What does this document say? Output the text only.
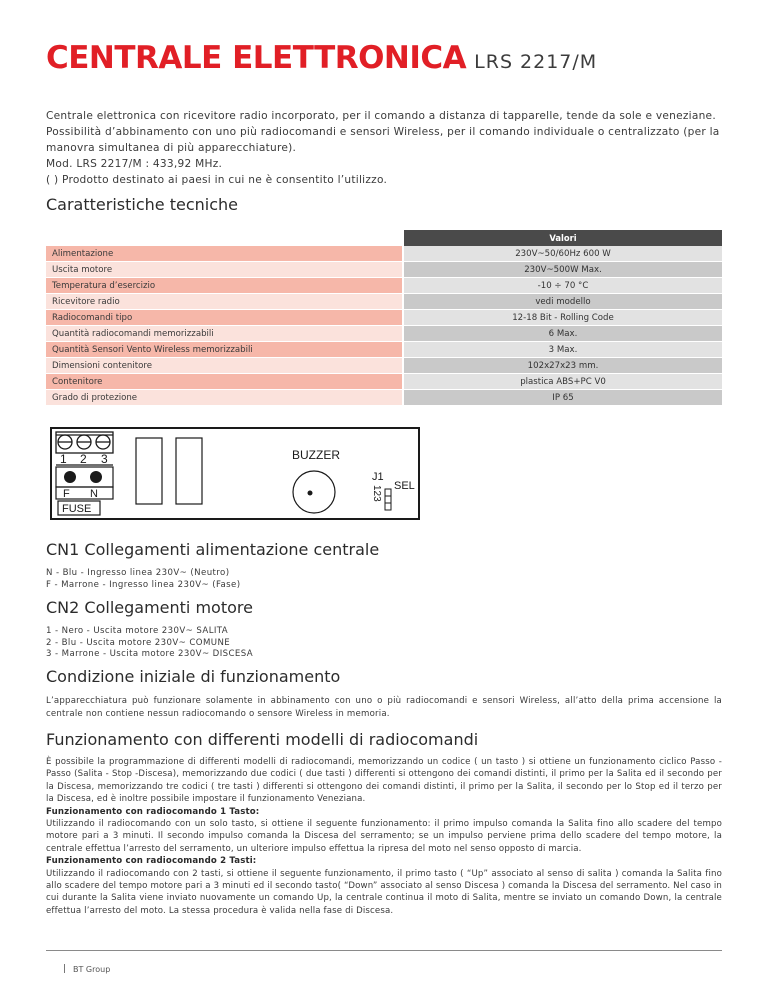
CENTRALE ELETTRONICA LRS 2217/M

Centrale elettronica con ricevitore radio incorporato, per il comando a distanza di tapparelle, tende da sole e veneziane. Possibilità d’abbinamento con uno più radiocomandi e sensori Wireless, per il comando individuale o centralizzato (per la manovra simultanea di più apparecchiature).

Mod. LRS 2217/M : 433,92 MHz.

( ) Prodotto destinato ai paesi in cui ne è consentito l’utilizzo.

Caratteristiche tecniche
		Valori
Alimentazione		230V~50/60Hz 600 W
Uscita motore		230V~500W Max.
Temperatura d’esercizio		-10 ÷ 70 °C
Ricevitore radio		vedi modello
Radiocomandi tipo		12-18 Bit - Rolling Code
Quantità radiocomandi memorizzabili		6 Max.
Quantità Sensori Vento Wireless memorizzabili		3 Max.
Dimensioni contenitore		102x27x23 mm.
Contenitore		plastica ABS+PC V0
Grado di protezione		IP 65
1 2 3
F N
FUSE
BUZZER
J1
123 SEL
CN1 Collegamenti alimentazione centrale
N - Blu - Ingresso linea 230V~ (Neutro)
F - Marrone - Ingresso linea 230V~ (Fase)
CN2 Collegamenti motore
1 - Nero - Uscita motore 230V~ SALITA
2 - Blu - Uscita motore 230V~ COMUNE
3 - Marrone - Uscita motore 230V~ DISCESA
Condizione iniziale di funzionamento
L’apparecchiatura può funzionare solamente in abbinamento con uno o più radiocomandi e sensori Wireless, all’atto della prima accensione la centrale non contiene nessun radiocomando o sensore Wireless in memoria.
Funzionamento con differenti modelli di radiocomandi

È possibile la programmazione di differenti modelli di radiocomandi, memorizzando un codice ( un tasto ) si ottiene un funzionamento ciclico Passo - Passo (Salita - Stop -Discesa), memorizzando due codici ( due tasti ) differenti si ottengono dei comandi distinti, il primo per la Salita ed il secondo per la Discesa, memorizzando tre codici ( tre tasti ) differenti si ottengono dei comandi distinti, il primo per la Salita, il secondo per lo Stop ed il terzo per la Discesa, ed è inoltre possibile impostare il funzionamento Veneziana.

Funzionamento con radiocomando 1 Tasto:

Utilizzando il radiocomando con un solo tasto, si ottiene il seguente funzionamento: il primo impulso comanda la Salita fino allo scadere del tempo motore pari a 3 minuti. Il secondo impulso comanda la Discesa del serramento; se un impulso perviene prima dello scadere del tempo motore, la centrale effettua l’arresto del serramento, un ulteriore impulso effettua la ripresa del moto nel senso opposto di marcia.

Funzionamento con radiocomando 2 Tasti:

Utilizzando il radiocomando con 2 tasti, si ottiene il seguente funzionamento, il primo tasto ( “Up” associato al senso di salita ) comanda la Salita fino allo scadere del tempo motore pari a 3 minuti ed il secondo tasto( “Down” associato al senso Discesa ) comanda la Discesa del serramento. Nel caso in cui durante la Salita viene inviato nuovamente un comando Up, la centrale continua il moto di Salita, mentre se inviato un comando Down, la centrale effettua l’arresto del moto. La stessa procedura è valida nella fase di Discesa.

BT Group
